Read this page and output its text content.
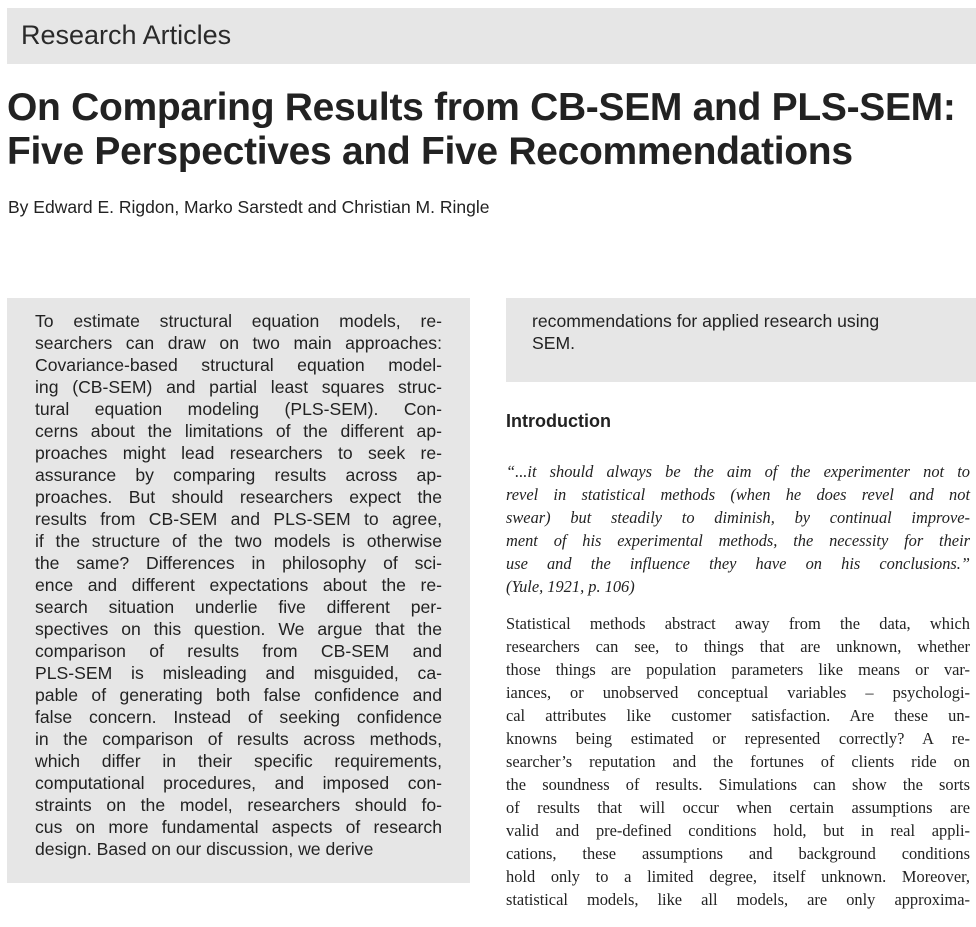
Research Articles
On Comparing Results from CB-SEM and PLS-SEM:
Five Perspectives and Five Recommendations
By Edward E. Rigdon, Marko Sarstedt and Christian M. Ringle
To estimate structural equation models, re-
searchers can draw on two main approaches:
Covariance-based structural equation model-
ing (CB-SEM) and partial least squares struc-
tural equation modeling (PLS-SEM). Con-
cerns about the limitations of the different ap-
proaches might lead researchers to seek re-
assurance by comparing results across ap-
proaches. But should researchers expect the
results from CB-SEM and PLS-SEM to agree,
if the structure of the two models is otherwise
the same? Differences in philosophy of sci-
ence and different expectations about the re-
search situation underlie five different per-
spectives on this question. We argue that the
comparison of results from CB-SEM and
PLS-SEM is misleading and misguided, ca-
pable of generating both false confidence and
false concern. Instead of seeking confidence
in the comparison of results across methods,
which differ in their specific requirements,
computational procedures, and imposed con-
straints on the model, researchers should fo-
cus on more fundamental aspects of research
design. Based on our discussion, we derive
recommendations for applied research using
SEM.
Introduction
“...it should always be the aim of the experimenter not to
revel in statistical methods (when he does revel and not
swear) but steadily to diminish, by continual improve-
ment of his experimental methods, the necessity for their
use and the influence they have on his conclusions.”
(Yule, 1921, p. 106)
Statistical methods abstract away from the data, which
researchers can see, to things that are unknown, whether
those things are population parameters like means or var-
iances, or unobserved conceptual variables – psychologi-
cal attributes like customer satisfaction. Are these un-
knowns being estimated or represented correctly? A re-
searcher’s reputation and the fortunes of clients ride on
the soundness of results. Simulations can show the sorts
of results that will occur when certain assumptions are
valid and pre-defined conditions hold, but in real appli-
cations, these assumptions and background conditions
hold only to a limited degree, itself unknown. Moreover,
statistical models, like all models, are only approxima-
